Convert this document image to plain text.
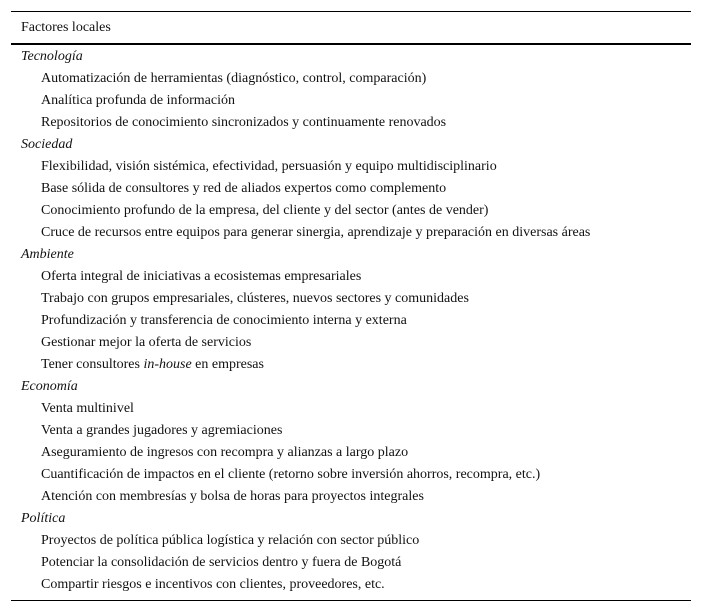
Factores locales
Tecnología
Automatización de herramientas (diagnóstico, control, comparación)
Analítica profunda de información
Repositorios de conocimiento sincronizados y continuamente renovados
Sociedad
Flexibilidad, visión sistémica, efectividad, persuasión y equipo multidisciplinario
Base sólida de consultores y red de aliados expertos como complemento
Conocimiento profundo de la empresa, del cliente y del sector (antes de vender)
Cruce de recursos entre equipos para generar sinergia, aprendizaje y preparación en diversas áreas
Ambiente
Oferta integral de iniciativas a ecosistemas empresariales
Trabajo con grupos empresariales, clústeres, nuevos sectores y comunidades
Profundización y transferencia de conocimiento interna y externa
Gestionar mejor la oferta de servicios
Tener consultores in-house en empresas
Economía
Venta multinivel
Venta a grandes jugadores y agremiaciones
Aseguramiento de ingresos con recompra y alianzas a largo plazo
Cuantificación de impactos en el cliente (retorno sobre inversión ahorros, recompra, etc.)
Atención con membresías y bolsa de horas para proyectos integrales
Política
Proyectos de política pública logística y relación con sector público
Potenciar la consolidación de servicios dentro y fuera de Bogotá
Compartir riesgos e incentivos con clientes, proveedores, etc.
